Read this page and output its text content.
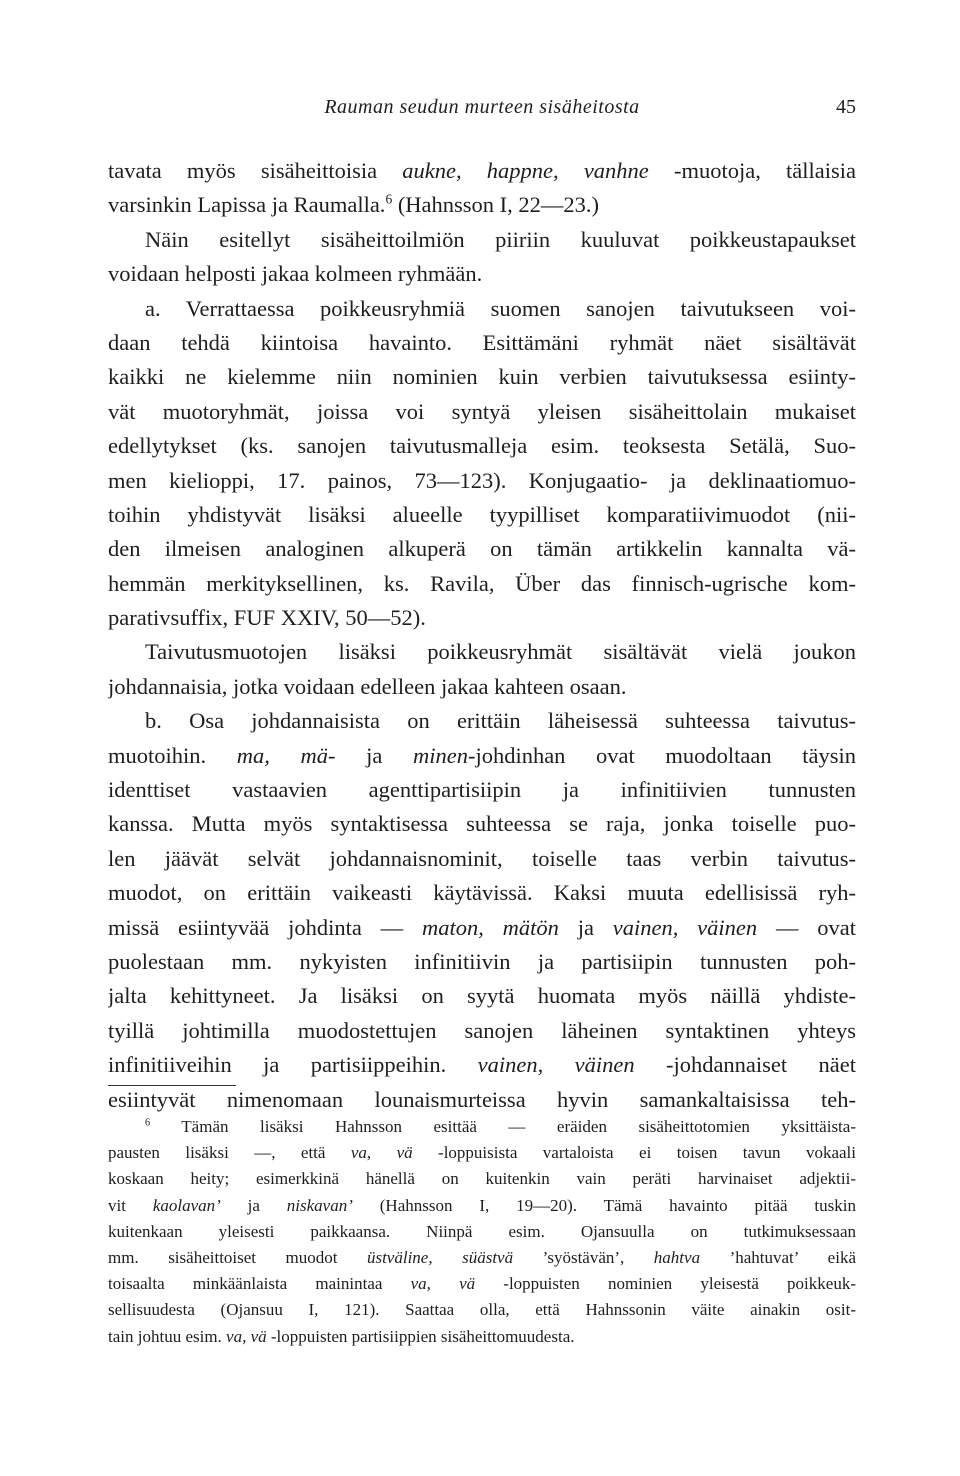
Rauman seudun murteen sisäheitosta	45
tavata myös sisäheittoisia aukne, happne, vanhne -muotoja, tällaisia
varsinkin Lapissa ja Raumalla.$^6$ (Hahnsson I, 22—23.)
Näin esitellyt sisäheittoilmiön piiriin kuuluvat poikkeustapaukset
voidaan helposti jakaa kolmeen ryhmään.
a. Verrattaessa poikkeusryhmiä suomen sanojen taivutukseen voi-
daan tehdä kiintoisa havainto. Esittämäni ryhmät näet sisältävät
kaikki ne kielemme niin nominien kuin verbien taivutuksessa esiinty-
vät muotoryhmät, joissa voi syntyä yleisen sisäheittolain mukaiset
edellytykset (ks. sanojen taivutusmalleja esim. teoksesta Setälä, Suo-
men kielioppi, 17. painos, 73—123). Konjugaatio- ja deklinaatiomuo-
toihin yhdistyvät lisäksi alueelle tyypilliset komparatiivimuodot (nii-
den ilmeisen analoginen alkuperä on tämän artikkelin kannalta vä-
hemmän merkityksellinen, ks. Ravila, Über das finnisch-ugrische kom-
parativsuffix, FUF XXIV, 50—52).
Taivutusmuotojen lisäksi poikkeusryhmät sisältävät vielä joukon
johdannaisia, jotka voidaan edelleen jakaa kahteen osaan.
b. Osa johdannaisista on erittäin läheisessä suhteessa taivutus-
muotoihin. ma, mä- ja minen-johdinhan ovat muodoltaan täysin
identtiset vastaavien agenttipartisiipin ja infinitiivien tunnusten
kanssa. Mutta myös syntaktisessa suhteessa se raja, jonka toiselle puo-
len jäävät selvät johdannaisnominit, toiselle taas verbin taivutus-
muodot, on erittäin vaikeasti käytävissä. Kaksi muuta edellisissä ryh-
missä esiintyvää johdinta — maton, mätön ja vainen, väinen — ovat
puolestaan mm. nykyisten infinitiivin ja partisiipin tunnusten poh-
jalta kehittyneet. Ja lisäksi on syytä huomata myös näillä yhdiste-
tyillä johtimilla muodostettujen sanojen läheinen syntaktinen yhteys
infinitiiveihin ja partisiippeihin. vainen, väinen -johdannaiset näet
esiintyvät nimenomaan lounaismurteissa hyvin samankaltaisissa teh-
$^6$ Tämän lisäksi Hahnsson esittää — eräiden sisäheittotomien yksittäista-
pausten lisäksi —, että va, vä -loppuisista vartaloista ei toisen tavun vokaali
koskaan heity; esimerkkinä hänellä on kuitenkin vain peräti harvinaiset adjektii-
vit kaolavan’ ja niskavan’ (Hahnsson I, 19—20). Tämä havainto pitää tuskin
kuitenkaan yleisesti paikkaansa. Niinpä esim. Ojansuulla on tutkimuksessaan
mm. sisäheittoiset muodot üstväline, süästvä ’syöstävän’, hahtva ’hahtuvat’ eikä
toisaalta minkäänlaista mainintaa va, vä -loppuisten nominien yleisestä poikkeuk-
sellisuudesta (Ojansuu I, 121). Saattaa olla, että Hahnssonin väite ainakin osit-
tain johtuu esim. va, vä -loppuisten partisiippien sisäheittomuudesta.
